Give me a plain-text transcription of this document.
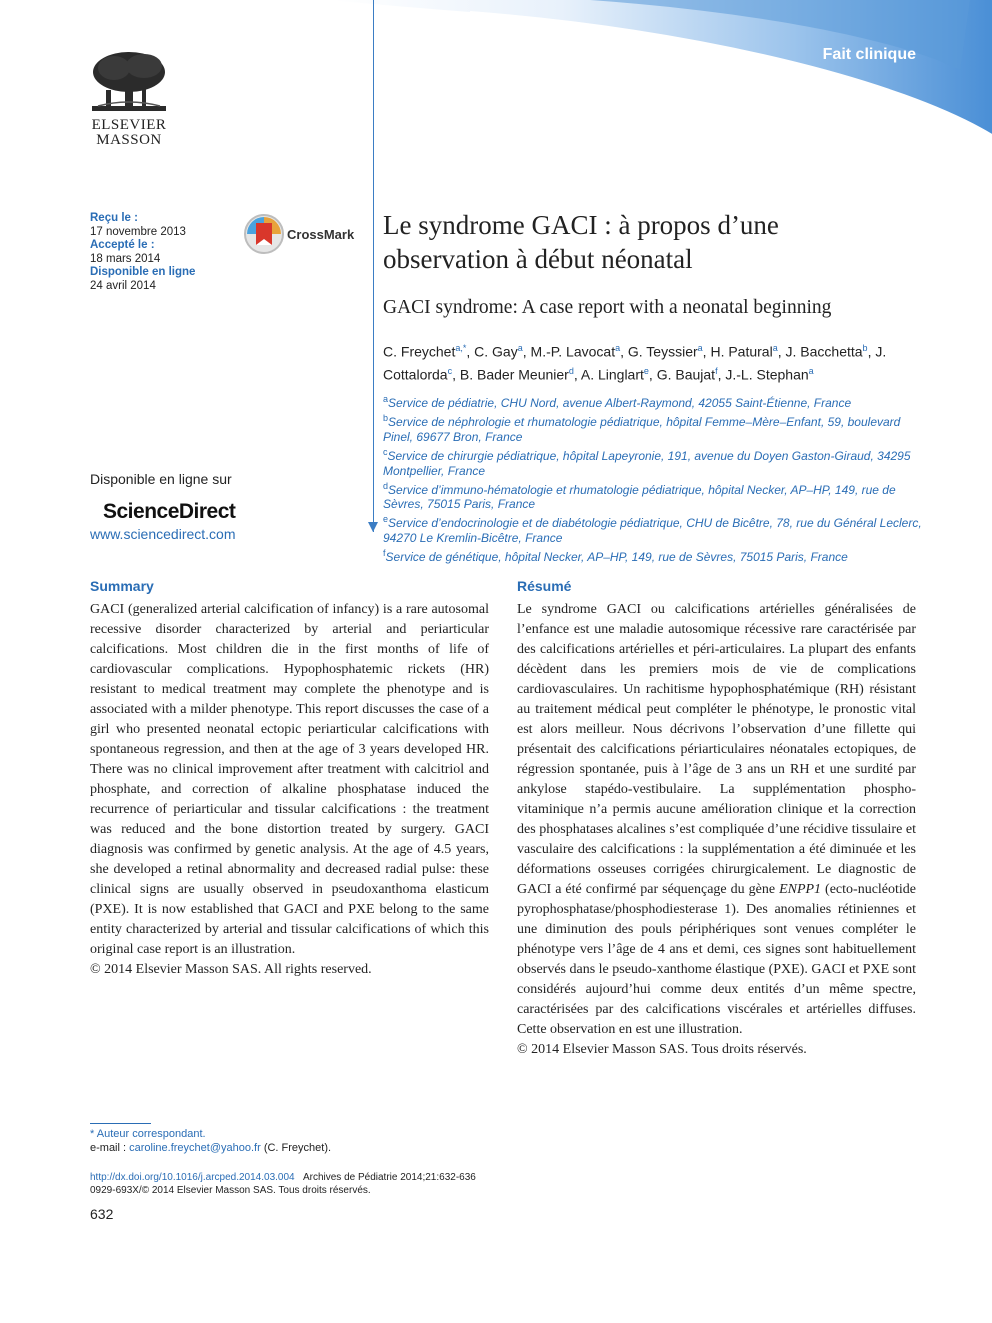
Fait clinique
ELSEVIER
MASSON
Reçu le :
17 novembre 2013
Accepté le :
18 mars 2014
Disponible en ligne
24 avril 2014
CrossMark Le syndrome GACI : à propos d’une observation à début néonatal
GACI syndrome: A case report with a neonatal beginning
C. Freychet$^{a,*}$, C. Gay$^a$, M.-P. Lavocat$^a$, G. Teyssier$^a$, H. Patural$^a$, J. Bacchetta$^b$, J. Cottalorda$^c$, B. Bader Meunier$^d$, A. Linglart$^e$, G. Baujat$^f$, J.-L. Stephan$^a$
$^a$Service de pédiatrie, CHU Nord, avenue Albert-Raymond, 42055 Saint-Étienne, France
$^b$Service de néphrologie et rhumatologie pédiatrique, hôpital Femme–Mère–Enfant, 59, boulevard Pinel, 69677 Bron, France
$^c$Service de chirurgie pédiatrique, hôpital Lapeyronie, 191, avenue du Doyen Gaston-Giraud, 34295 Montpellier, France
$^d$Service d’immuno-hématologie et rhumatologie pédiatrique, hôpital Necker, AP–HP, 149, rue de Sèvres, 75015 Paris, France
$^e$Service d’endocrinologie et de diabétologie pédiatrique, CHU de Bicêtre, 78, rue du Général Leclerc, 94270 Le Kremlin-Bicêtre, France
$^f$Service de génétique, hôpital Necker, AP–HP, 149, rue de Sèvres, 75015 Paris, France
Disponible en ligne sur
ScienceDirect
www.sciencedirect.com
Summary

GACI (generalized arterial calcification of infancy) is a rare autosomal recessive disorder characterized by arterial and periarticular calcifications. Most children die in the first months of life of cardiovascular complications. Hypophosphatemic rickets (HR) resistant to medical treatment may complete the phenotype and is associated with a milder phenotype. This report discusses the case of a girl who presented neonatal ectopic periarticular calcifications with spontaneous regression, and then at the age of 3 years developed HR. There was no clinical improvement after treatment with calcitriol and phosphate, and correction of alkaline phosphatase induced the recurrence of periarticular and tissular calcifications : the treatment was reduced and the bone distortion treated by surgery. GACI diagnosis was confirmed by genetic analysis. At the age of 4.5 years, she developed a retinal abnormality and decreased radial pulse: these clinical signs are usually observed in pseudoxanthoma elasticum (PXE). It is now established that GACI and PXE belong to the same entity characterized by arterial and tissular calcifications of which this original case report is an illustration.

© 2014 Elsevier Masson SAS. All rights reserved.

Résumé

Le syndrome GACI ou calcifications artérielles généralisées de l’enfance est une maladie autosomique récessive rare caractérisée par des calcifications artérielles et péri-articulaires. La plupart des enfants décèdent dans les premiers mois de vie de complications cardiovasculaires. Un rachitisme hypophosphatémique (RH) résistant au traitement médical peut compléter le phénotype, le pronostic vital est alors meilleur. Nous décrivons l’observation d’une fillette qui présentait des calcifications périarticulaires néonatales ectopiques, de régression spontanée, puis à l’âge de 3 ans un RH et une surdité par ankylose stapédo-vestibulaire. La supplémentation phospho-vitaminique n’a permis aucune amélioration clinique et la correction des phosphatases alcalines s’est compliquée d’une récidive tissulaire et vasculaire des calcifications : la supplémentation a été diminuée et les déformations osseuses corrigées chirurgicalement. Le diagnostic de GACI a été confirmé par séquençage du gène ENPP1 (ecto-nucléotide pyrophosphatase/phosphodiesterase 1). Des anomalies rétiniennes et une diminution des pouls périphériques sont venues compléter le phénotype vers l’âge de 4 ans et demi, ces signes sont habituellement observés dans le pseudo-xanthome élastique (PXE). GACI et PXE sont considérés aujourd’hui comme deux entités d’un même spectre, caractérisées par des calcifications viscérales et artérielles diffuses. Cette observation en est une illustration.

© 2014 Elsevier Masson SAS. Tous droits réservés.

* Auteur correspondant.
e-mail : caroline.freychet@yahoo.fr (C. Freychet).
http://dx.doi.org/10.1016/j.arcped.2014.03.004 Archives de Pédiatrie 2014;21:632-636
0929-693X/© 2014 Elsevier Masson SAS. Tous droits réservés.
632
